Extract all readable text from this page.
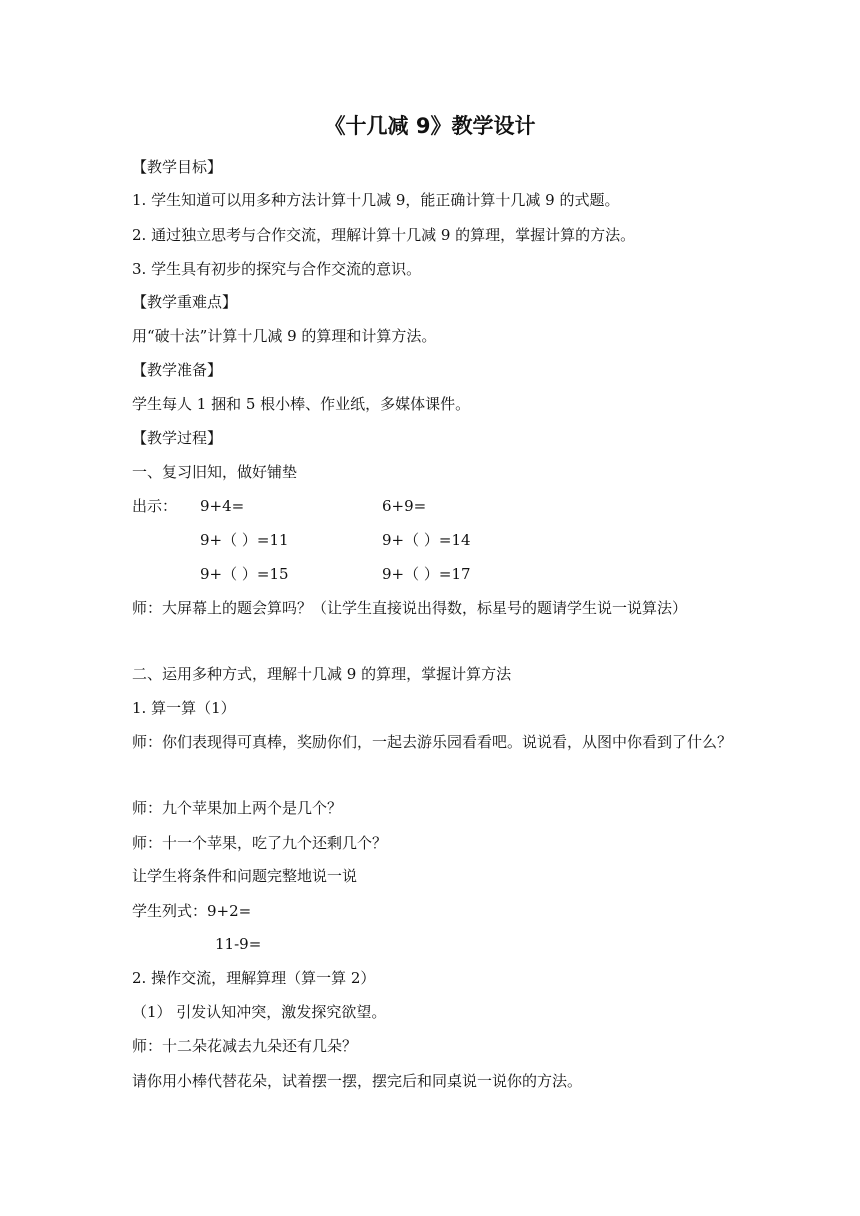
《十几减 9》教学设计
【教学目标】
1. 学生知道可以用多种方法计算十几减 9，能正确计算十几减 9 的式题。
2. 通过独立思考与合作交流，理解计算十几减 9 的算理，掌握计算的方法。
3. 学生具有初步的探究与合作交流的意识。
【教学重难点】
用“破十法”计算十几减 9 的算理和计算方法。
【教学准备】
学生每人 1 捆和 5 根小棒、作业纸，多媒体课件。
【教学过程】
一、复习旧知，做好铺垫
出示：	9+4=	6+9=
9+（ ）=11	9+（ ）=14
9+（ ）=15	9+（ ）=17
师：大屏幕上的题会算吗？（让学生直接说出得数，标星号的题请学生说一说算法）
二、运用多种方式，理解十几减 9 的算理，掌握计算方法
1. 算一算（1）
师：你们表现得可真棒，奖励你们，一起去游乐园看看吧。说说看，从图中你看到了什么？
师：九个苹果加上两个是几个？
师：十一个苹果，吃了九个还剩几个？
让学生将条件和问题完整地说一说
学生列式：9+2=
11-9=
2. 操作交流，理解算理（算一算 2）
（1） 引发认知冲突，激发探究欲望。
师：十二朵花减去九朵还有几朵？
请你用小棒代替花朵，试着摆一摆，摆完后和同桌说一说你的方法。
